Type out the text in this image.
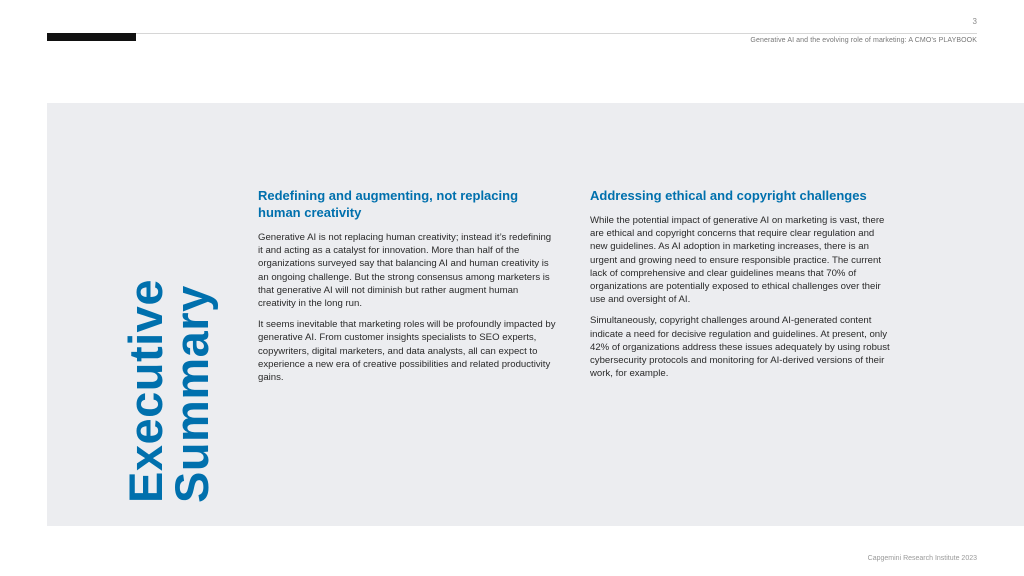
3
Generative AI and the evolving role of marketing: A CMO’s PLAYBOOK
Executive
Summary
Redefining and augmenting, not replacing human creativity

Generative AI is not replacing human creativity; instead it’s redefining it and acting as a catalyst for innovation. More than half of the organizations surveyed say that balancing AI and human creativity is an ongoing challenge. But the strong consensus among marketers is that generative AI will not diminish but rather augment human creativity in the long run.

It seems inevitable that marketing roles will be profoundly impacted by generative AI. From customer insights specialists to SEO experts, copywriters, digital marketers, and data analysts, all can expect to experience a new era of creative possibilities and related productivity gains.

Addressing ethical and copyright challenges

While the potential impact of generative AI on marketing is vast, there are ethical and copyright concerns that require clear regulation and new guidelines. As AI adoption in marketing increases, there is an urgent and growing need to ensure responsible practice. The current lack of comprehensive and clear guidelines means that 70% of organizations are potentially exposed to ethical challenges over their use and oversight of AI.

Simultaneously, copyright challenges around AI-generated content indicate a need for decisive regulation and guidelines. At present, only 42% of organizations address these issues adequately by using robust cybersecurity protocols and monitoring for AI-derived versions of their work, for example.

Capgemini Research Institute 2023
